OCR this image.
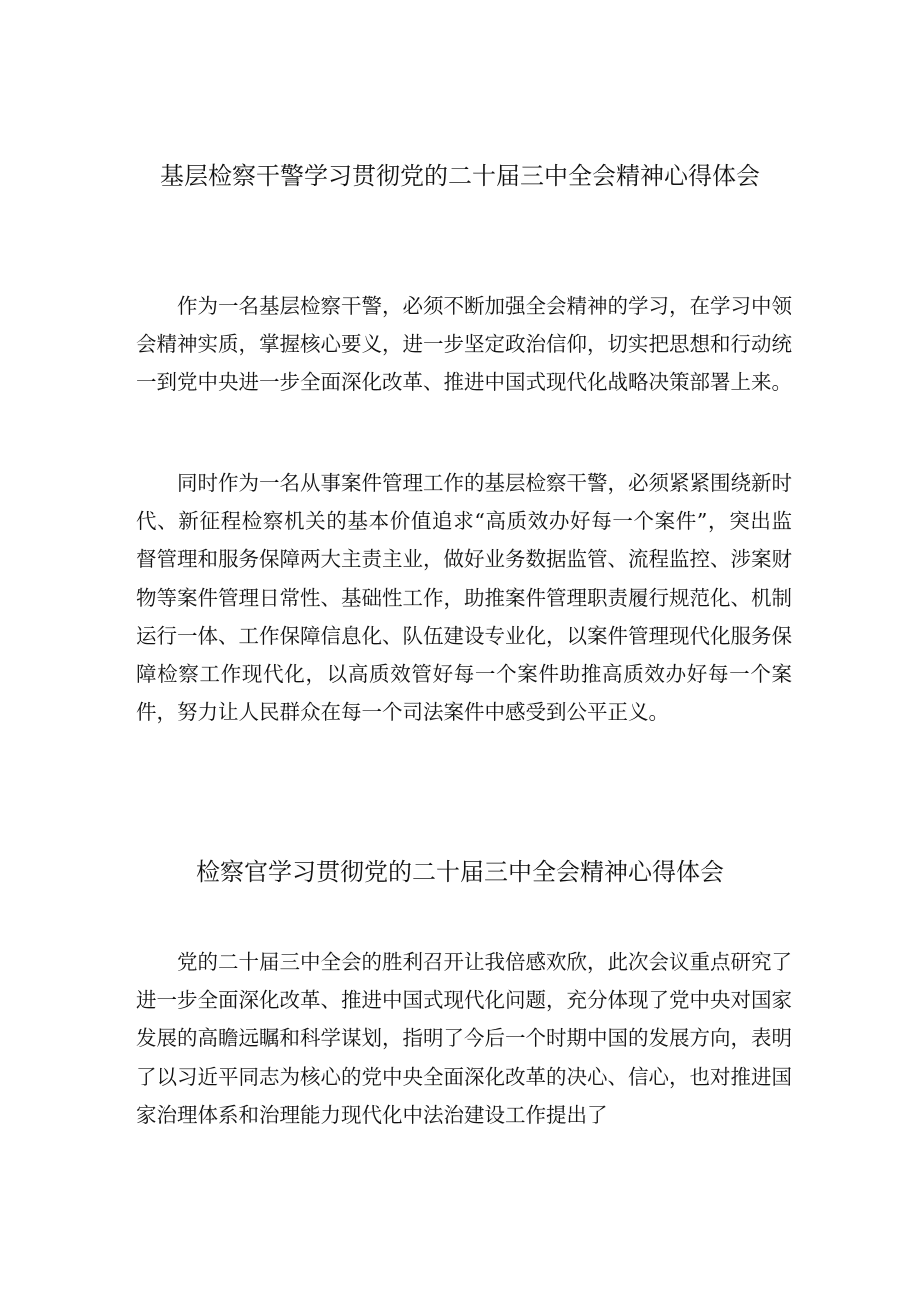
基层检察干警学习贯彻党的二十届三中全会精神心得体会

作为一名基层检察干警，必须不断加强全会精神的学习，在学习中领会精神实质，掌握核心要义，进一步坚定政治信仰，切实把思想和行动统一到党中央进一步全面深化改革、推进中国式现代化战略决策部署上来。

同时作为一名从事案件管理工作的基层检察干警，必须紧紧围绕新时代、新征程检察机关的基本价值追求“高质效办好每一个案件”，突出监督管理和服务保障两大主责主业，做好业务数据监管、流程监控、涉案财物等案件管理日常性、基础性工作，助推案件管理职责履行规范化、机制运行一体、工作保障信息化、队伍建设专业化，以案件管理现代化服务保障检察工作现代化，以高质效管好每一个案件助推高质效办好每一个案件，努力让人民群众在每一个司法案件中感受到公平正义。

检察官学习贯彻党的二十届三中全会精神心得体会

党的二十届三中全会的胜利召开让我倍感欢欣，此次会议重点研究了进一步全面深化改革、推进中国式现代化问题，充分体现了党中央对国家发展的高瞻远瞩和科学谋划，指明了今后一个时期中国的发展方向，表明了以习近平同志为核心的党中央全面深化改革的决心、信心，也对推进国家治理体系和治理能力现代化中法治建设工作提出了
